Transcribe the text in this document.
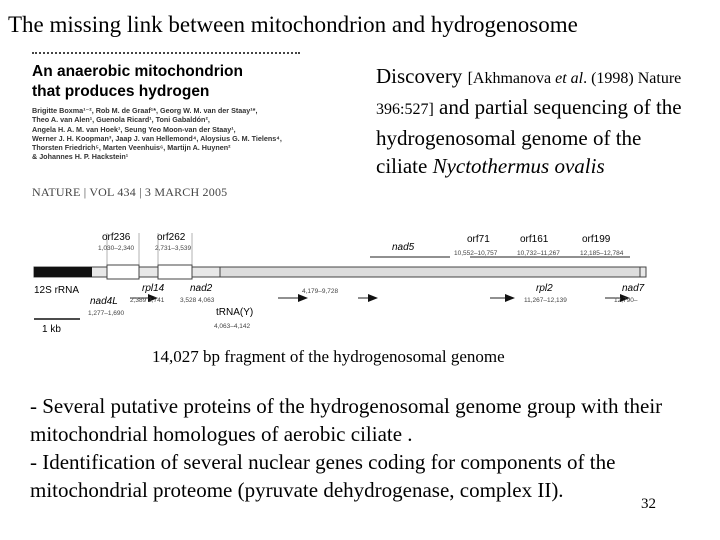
The missing link between mitochondrion and hydrogenosome
An anaerobic mitochondrion
that produces hydrogen
Brigitte Boxma¹⁻², Rob M. de Graaf¹*, Georg W. M. van der Staay¹*,
Theo A. van Alen¹, Guenola Ricard¹, Toni Gabaldón²,
Angela H. A. M. van Hoek¹, Seung Yeo Moon-van der Staay¹,
Werner J. H. Koopman³, Jaap J. van Hellemond⁴, Aloysius G. M. Tielens⁴,
Thorsten Friedrich⁵, Marten Veenhuis⁶, Martijn A. Huynen²
& Johannes H. P. Hackstein¹
NATURE | VOL 434 | 3 MARCH 2005
Discovery [Akhmanova et al. (1998) Nature 396:527] and partial sequencing of the hydrogenosomal genome of the ciliate Nyctothermus ovalis
orf236
1,030–2,340
orf262
2,731–3,539	nad5
orf71
10,552–10,757
orf161
10,732–11,267
orf199
12,185–12,784
12S rRNA
nad4L
1,277–1,690
rpl14
2,389 2,741
nad2
3,528 4,063
tRNA(Y)
4,063–4,142
4,179–9,728	rpl2
11,267–12,139
nad7
12,790–
1 kb
14,027 bp fragment of the hydrogenosomal genome
- Several putative proteins of the hydrogenosomal genome group with their mitochondrial homologues of aerobic ciliate .
- Identification of several nuclear genes coding for components of the mitochondrial proteome (pyruvate dehydrogenase, complex II).
32
